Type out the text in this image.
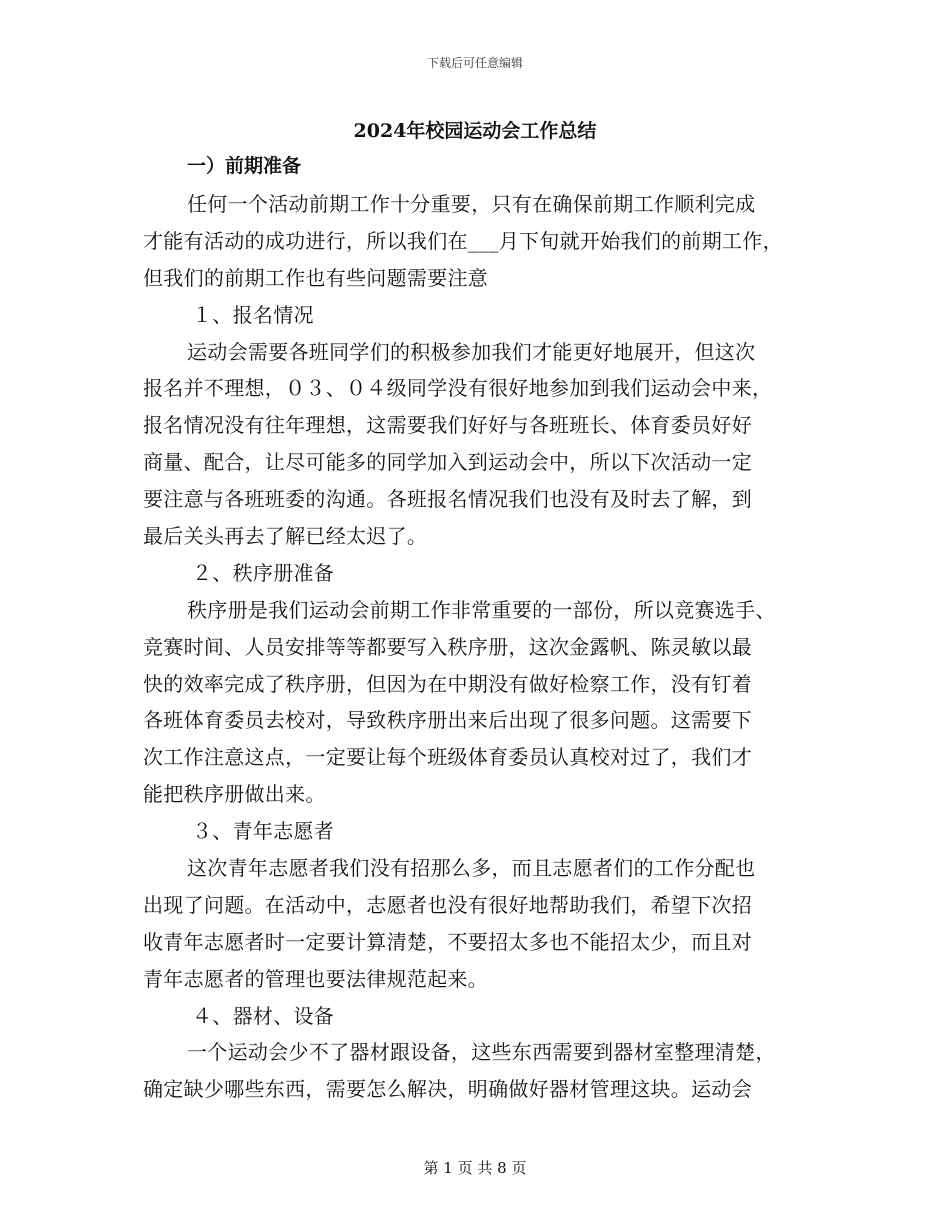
下载后可任意编辑
2024年校园运动会工作总结

一）前期准备

任何一个活动前期工作十分重要，只有在确保前期工作顺利完成

才能有活动的成功进行，所以我们在___月下旬就开始我们的前期工作，

但我们的前期工作也有些问题需要注意

１、报名情况

运动会需要各班同学们的积极参加我们才能更好地展开，但这次

报名并不理想，０３、０４级同学没有很好地参加到我们运动会中来，

报名情况没有往年理想，这需要我们好好与各班班长、体育委员好好

商量、配合，让尽可能多的同学加入到运动会中，所以下次活动一定

要注意与各班班委的沟通。各班报名情况我们也没有及时去了解，到

最后关头再去了解已经太迟了。

２、秩序册准备

秩序册是我们运动会前期工作非常重要的一部份，所以竞赛选手、

竞赛时间、人员安排等等都要写入秩序册，这次金露帆、陈灵敏以最

快的效率完成了秩序册，但因为在中期没有做好检察工作，没有钉着

各班体育委员去校对，导致秩序册出来后出现了很多问题。这需要下

次工作注意这点，一定要让每个班级体育委员认真校对过了，我们才

能把秩序册做出来。

３、青年志愿者

这次青年志愿者我们没有招那么多，而且志愿者们的工作分配也

出现了问题。在活动中，志愿者也没有很好地帮助我们，希望下次招

收青年志愿者时一定要计算清楚，不要招太多也不能招太少，而且对

青年志愿者的管理也要法律规范起来。

４、器材、设备

一个运动会少不了器材跟设备，这些东西需要到器材室整理清楚，

确定缺少哪些东西，需要怎么解决，明确做好器材管理这块。运动会

第 1 页 共 8 页
